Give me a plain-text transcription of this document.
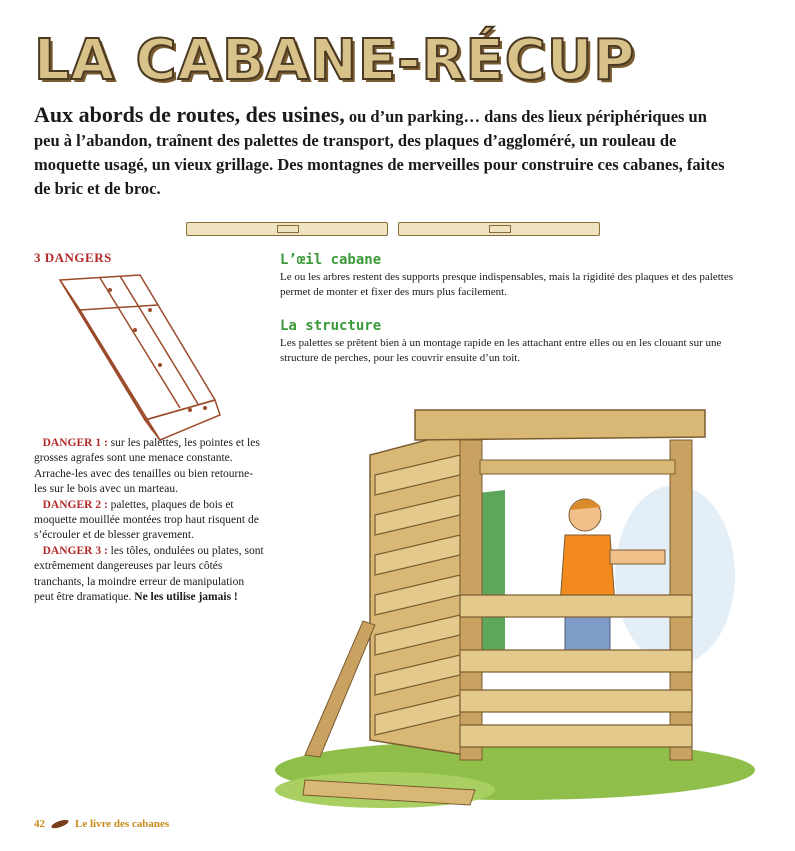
LA CABANE-RÉCUP
Aux abords de routes, des usines, ou d’un parking… dans des lieux périphériques un peu à l’abandon, traînent des palettes de transport, des plaques d’aggloméré, un rouleau de moquette usagé, un vieux grillage. Des montagnes de merveilles pour construire ces cabanes, faites de bric et de broc.
3 DANGERS	L’œil cabane
Le ou les arbres restent des supports presque indispensables, mais la rigidité des plaques et des palettes permet de monter et fixer des murs plus facilement.
La structure
Les palettes se prêtent bien à un montage rapide en les attachant entre elles ou en les clouant sur une structure de perches, pour les couvrir ensuite d’un toit.
DANGER 1 : sur les palettes, les pointes et les grosses agrafes sont une menace constante. Arrache-les avec des tenailles ou bien retourne-les sur le bois avec un marteau.
DANGER 2 : palettes, plaques de bois et moquette mouillée montées trop haut risquent de s’écrouler et de blesser gravement.
DANGER 3 : les tôles, ondulées ou plates, sont extrêmement dangereuses par leurs côtés tranchants, la moindre erreur de manipulation peut être dramatique. Ne les utilise jamais !
42	Le livre des cabanes
